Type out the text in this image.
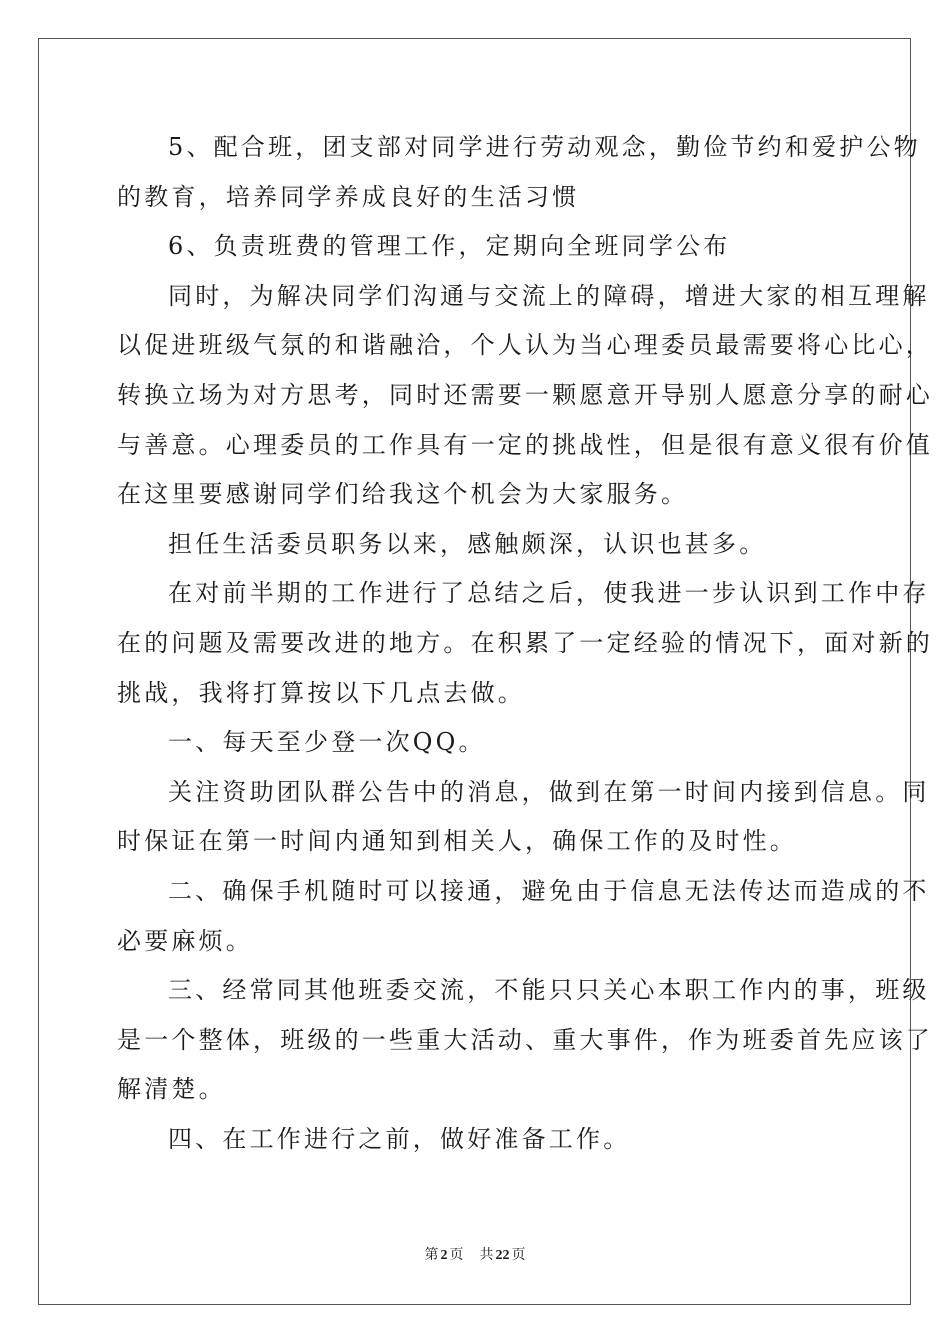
5、配合班，团支部对同学进行劳动观念，勤俭节约和爱护公物
的教育，培养同学养成良好的生活习惯

6、负责班费的管理工作，定期向全班同学公布

同时，为解决同学们沟通与交流上的障碍，增进大家的相互理解
以促进班级气氛的和谐融洽，个人认为当心理委员最需要将心比心，
转换立场为对方思考，同时还需要一颗愿意开导别人愿意分享的耐心
与善意。心理委员的工作具有一定的挑战性，但是很有意义很有价值
在这里要感谢同学们给我这个机会为大家服务。

担任生活委员职务以来，感触颇深，认识也甚多。

在对前半期的工作进行了总结之后，使我进一步认识到工作中存
在的问题及需要改进的地方。在积累了一定经验的情况下，面对新的
挑战，我将打算按以下几点去做。

一、每天至少登一次QQ。

关注资助团队群公告中的消息，做到在第一时间内接到信息。同
时保证在第一时间内通知到相关人，确保工作的及时性。

二、确保手机随时可以接通，避免由于信息无法传达而造成的不
必要麻烦。

三、经常同其他班委交流，不能只只关心本职工作内的事，班级
是一个整体，班级的一些重大活动、重大事件，作为班委首先应该了
解清楚。

四、在工作进行之前，做好准备工作。

第 2 页 共 22 页
